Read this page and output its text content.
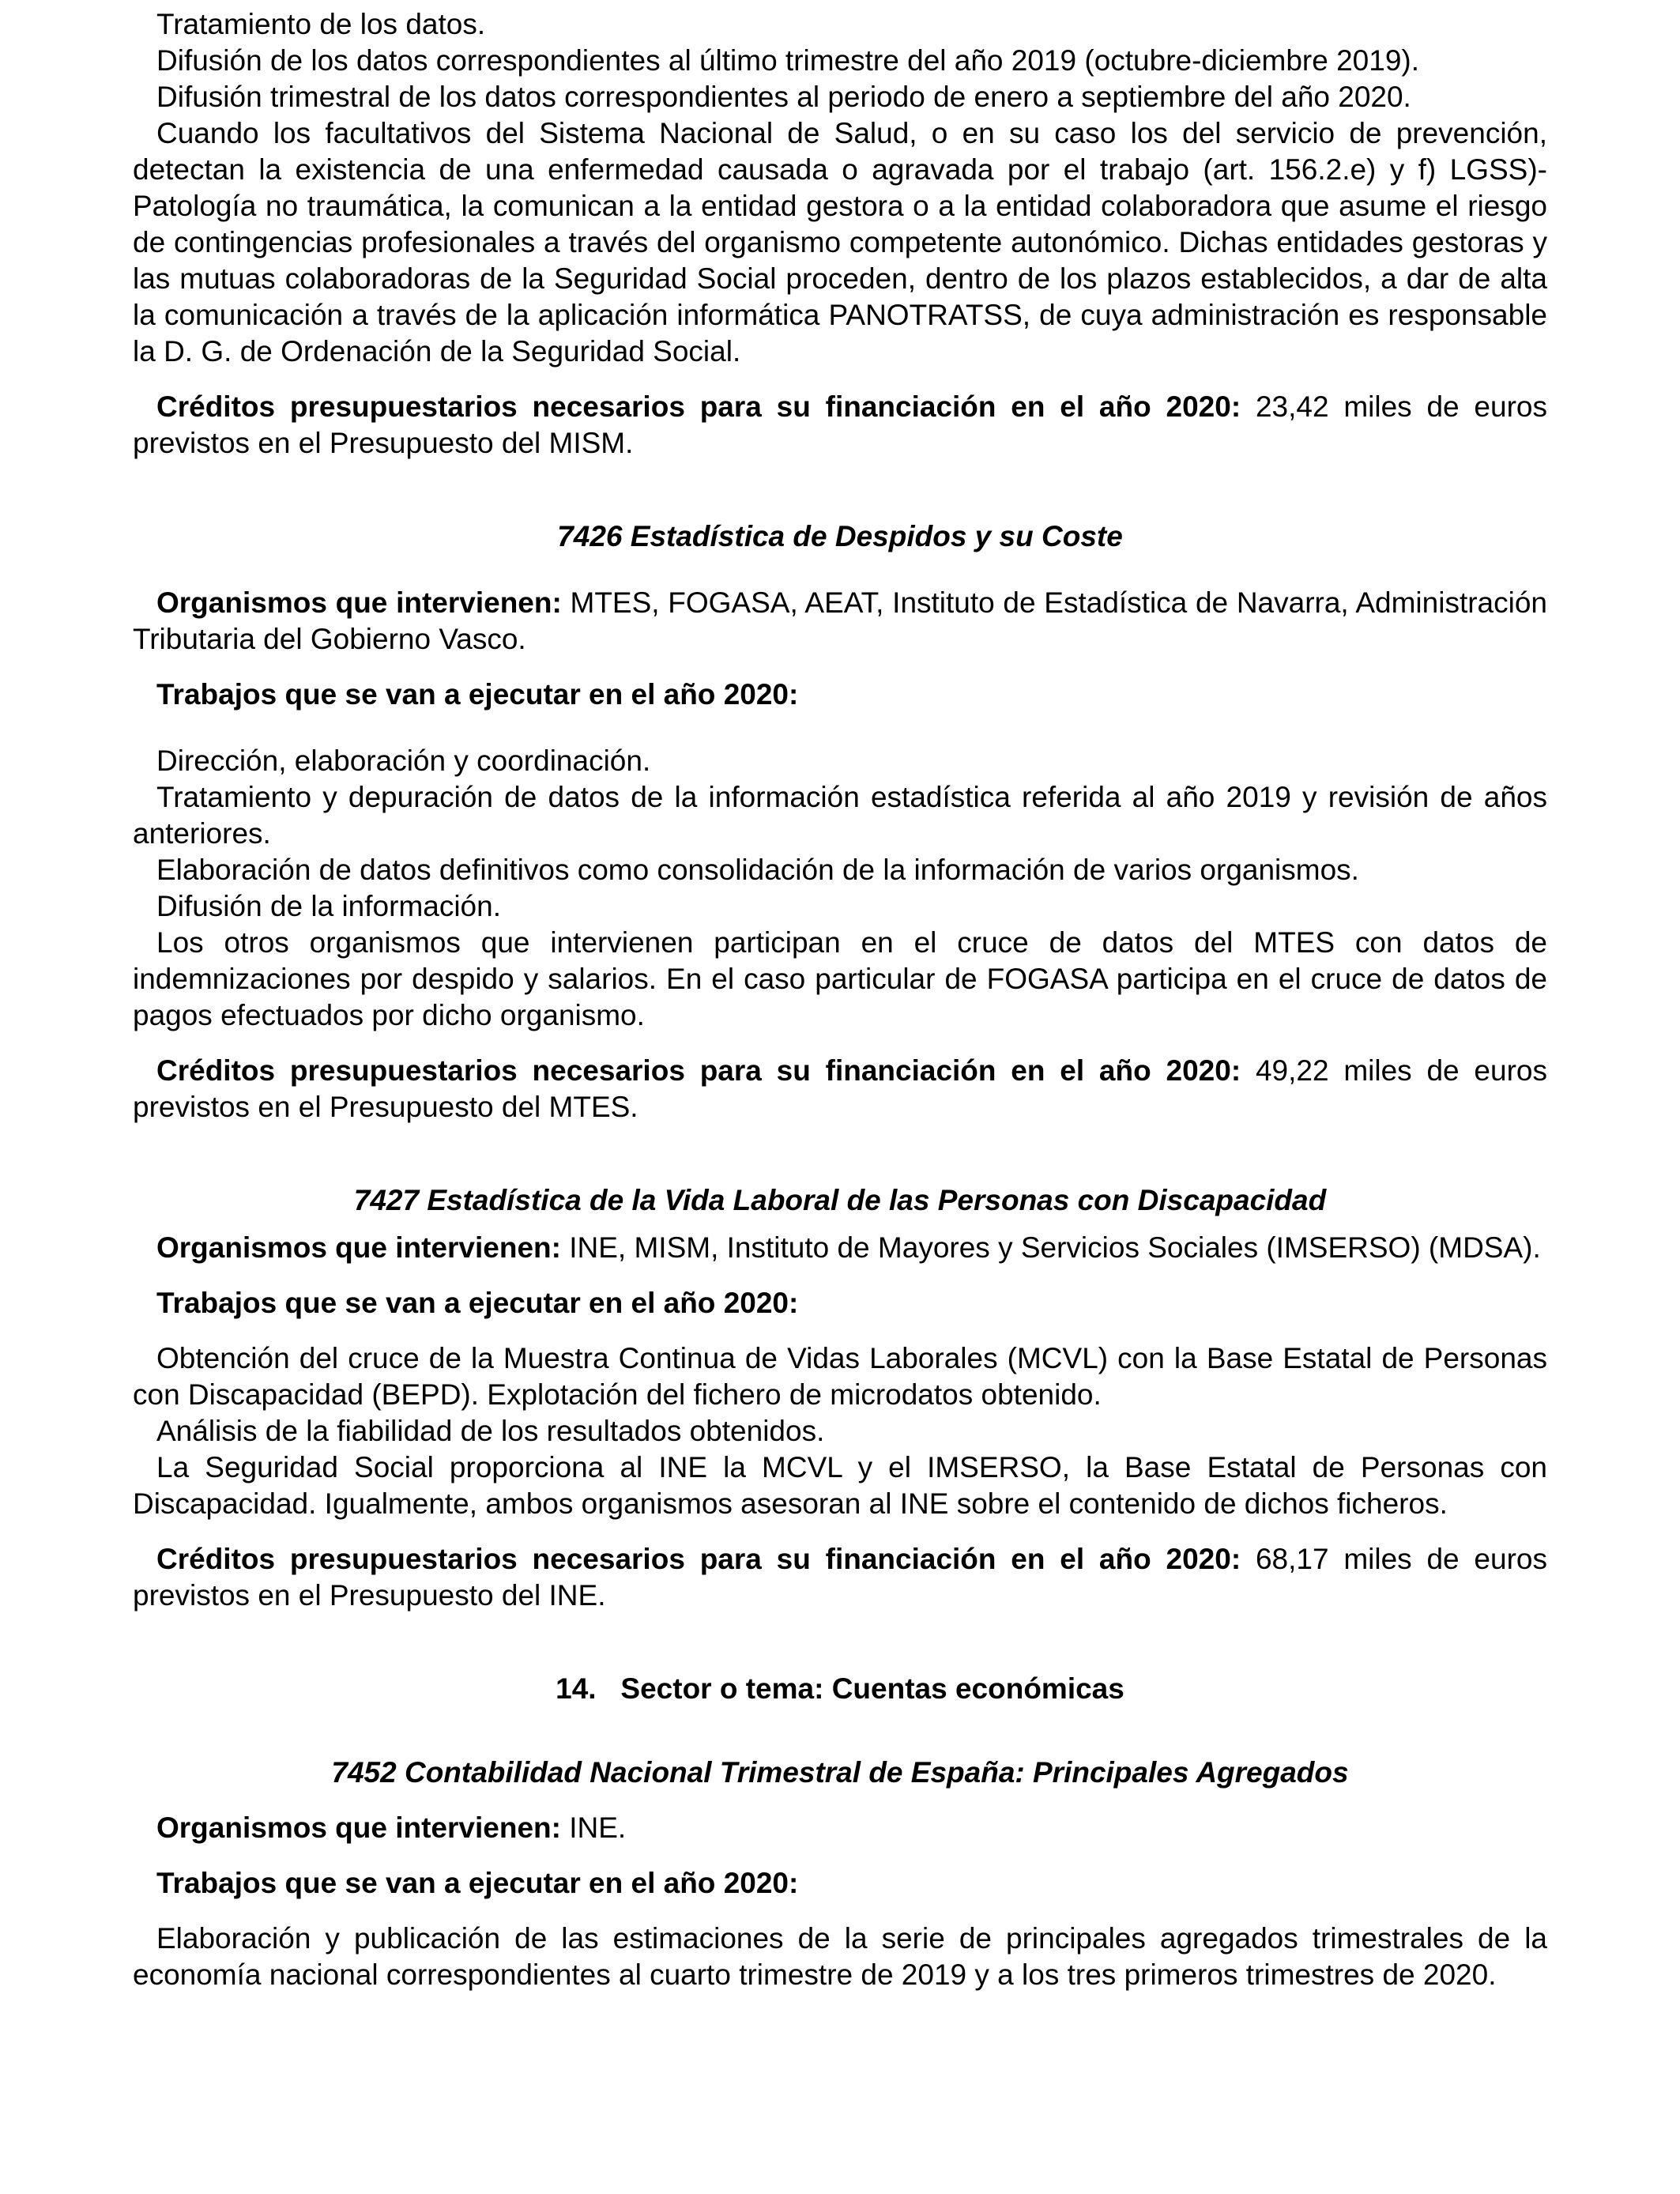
Tratamiento de los datos.

Difusión de los datos correspondientes al último trimestre del año 2019 (octubre-diciembre 2019).

Difusión trimestral de los datos correspondientes al periodo de enero a septiembre del año 2020.

Cuando los facultativos del Sistema Nacional de Salud, o en su caso los del servicio de prevención, detectan la existencia de una enfermedad causada o agravada por el trabajo (art. 156.2.e) y f) LGSS)- Patología no traumática, la comunican a la entidad gestora o a la entidad colaboradora que asume el riesgo de contingencias profesionales a través del organismo competente autonómico. Dichas entidades gestoras y las mutuas colaboradoras de la Seguridad Social proceden, dentro de los plazos establecidos, a dar de alta la comunicación a través de la aplicación informática PANOTRATSS, de cuya administración es responsable la D. G. de Ordenación de la Seguridad Social.

Créditos presupuestarios necesarios para su financiación en el año 2020: 23,42 miles de euros previstos en el Presupuesto del MISM.

7426 Estadística de Despidos y su Coste

Organismos que intervienen: MTES, FOGASA, AEAT, Instituto de Estadística de Navarra, Administración Tributaria del Gobierno Vasco.

Trabajos que se van a ejecutar en el año 2020:

Dirección, elaboración y coordinación.

Tratamiento y depuración de datos de la información estadística referida al año 2019 y revisión de años anteriores.

Elaboración de datos definitivos como consolidación de la información de varios organismos.

Difusión de la información.

Los otros organismos que intervienen participan en el cruce de datos del MTES con datos de indemnizaciones por despido y salarios. En el caso particular de FOGASA participa en el cruce de datos de pagos efectuados por dicho organismo.

Créditos presupuestarios necesarios para su financiación en el año 2020: 49,22 miles de euros previstos en el Presupuesto del MTES.

7427 Estadística de la Vida Laboral de las Personas con Discapacidad

Organismos que intervienen: INE, MISM, Instituto de Mayores y Servicios Sociales (IMSERSO) (MDSA).

Trabajos que se van a ejecutar en el año 2020:

Obtención del cruce de la Muestra Continua de Vidas Laborales (MCVL) con la Base Estatal de Personas con Discapacidad (BEPD). Explotación del fichero de microdatos obtenido.

Análisis de la fiabilidad de los resultados obtenidos.

La Seguridad Social proporciona al INE la MCVL y el IMSERSO, la Base Estatal de Personas con Discapacidad. Igualmente, ambos organismos asesoran al INE sobre el contenido de dichos ficheros.

Créditos presupuestarios necesarios para su financiación en el año 2020: 68,17 miles de euros previstos en el Presupuesto del INE.

14.   Sector o tema: Cuentas económicas
7452 Contabilidad Nacional Trimestral de España: Principales Agregados

Organismos que intervienen: INE.

Trabajos que se van a ejecutar en el año 2020:

Elaboración y publicación de las estimaciones de la serie de principales agregados trimestrales de la economía nacional correspondientes al cuarto trimestre de 2019 y a los tres primeros trimestres de 2020.
